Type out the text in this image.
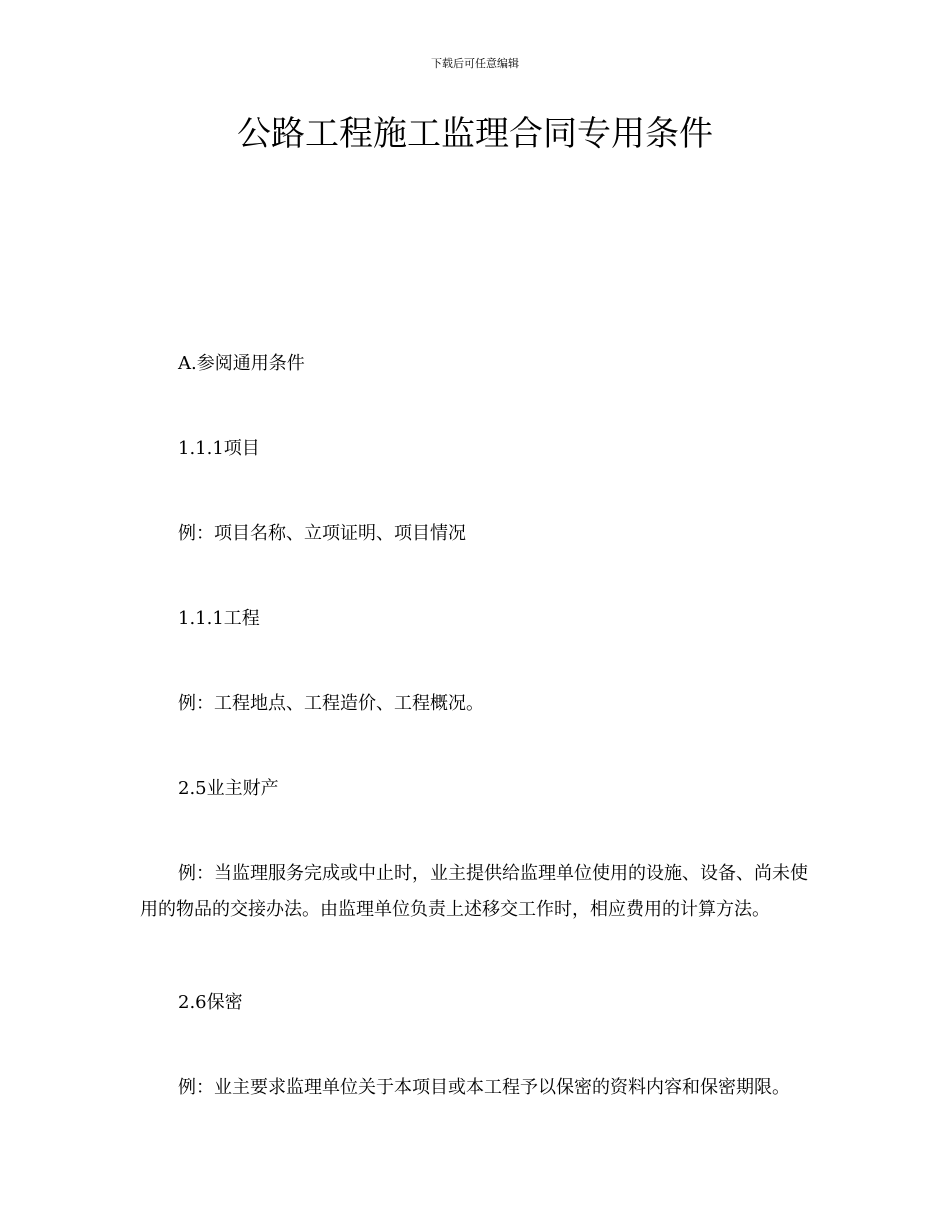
下载后可任意编辑
公路工程施工监理合同专用条件

A.参阅通用条件

1.1.1项目

例：项目名称、立项证明、项目情况

1.1.1工程

例：工程地点、工程造价、工程概况。

2.5业主财产

例：当监理服务完成或中止时，业主提供给监理单位使用的设施、设备、尚未使用的物品的交接办法。由监理单位负责上述移交工作时，相应费用的计算方法。

2.6保密

例：业主要求监理单位关于本项目或本工程予以保密的资料内容和保密期限。
